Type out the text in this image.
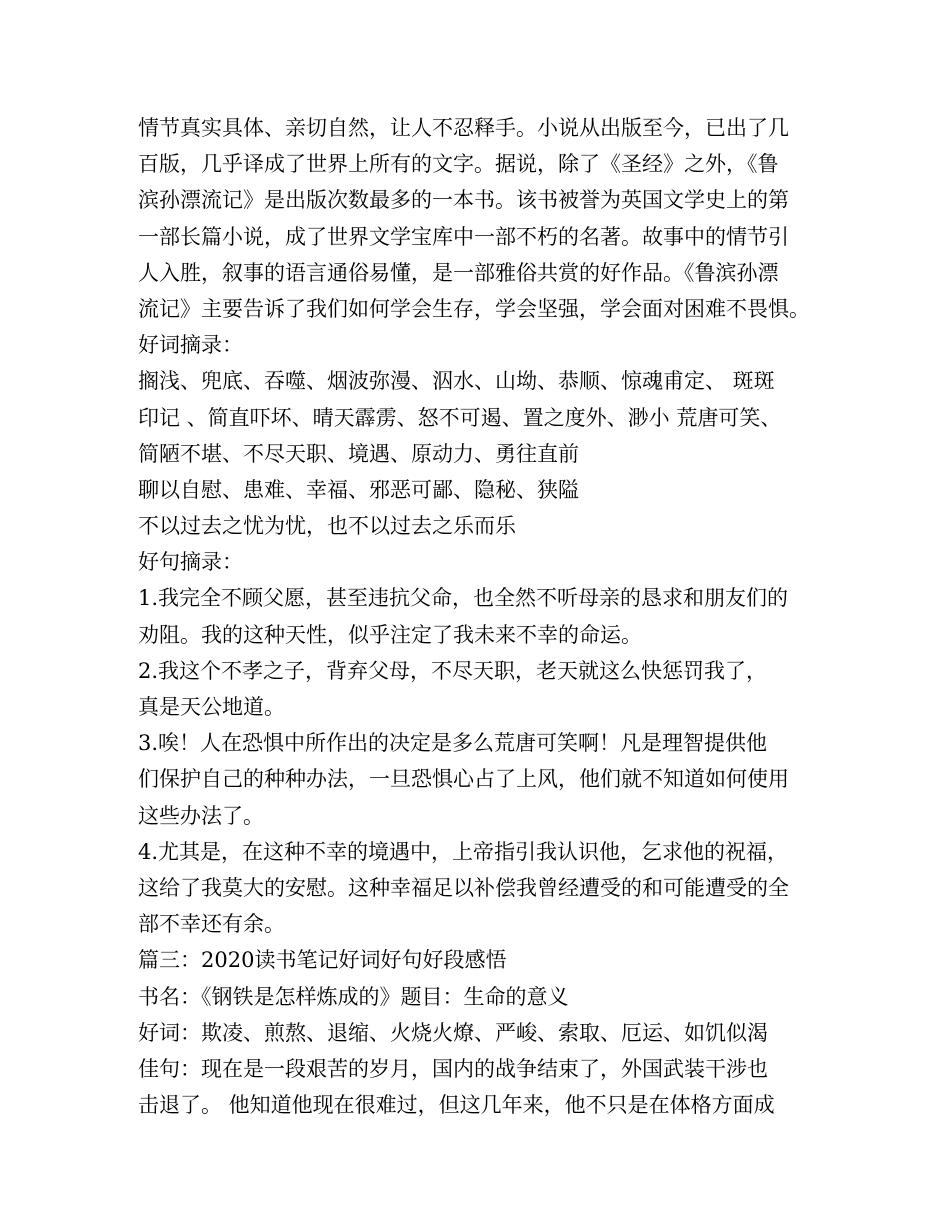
情节真实具体、亲切自然，让人不忍释手。小说从出版至今，已出了几
百版，几乎译成了世界上所有的文字。据说，除了《圣经》之外，《鲁
滨孙漂流记》是出版次数最多的一本书。该书被誉为英国文学史上的第
一部长篇小说，成了世界文学宝库中一部不朽的名著。故事中的情节引
人入胜，叙事的语言通俗易懂，是一部雅俗共赏的好作品。《鲁滨孙漂
流记》主要告诉了我们如何学会生存，学会坚强，学会面对困难不畏惧。
好词摘录：
搁浅、兜底、吞噬、烟波弥漫、泅水、山坳、恭顺、惊魂甫定、 斑斑
印记 、简直吓坏、晴天霹雳、怒不可遏、置之度外、渺小 荒唐可笑、
简陋不堪、不尽天职、境遇、原动力、勇往直前
聊以自慰、患难、幸福、邪恶可鄙、隐秘、狭隘
不以过去之忧为忧，也不以过去之乐而乐
好句摘录：
1.我完全不顾父愿，甚至违抗父命，也全然不听母亲的恳求和朋友们的
劝阻。我的这种天性，似乎注定了我未来不幸的命运。
2.我这个不孝之子，背弃父母，不尽天职，老天就这么快惩罚我了，
真是天公地道。
3.唉！人在恐惧中所作出的决定是多么荒唐可笑啊！凡是理智提供他
们保护自己的种种办法，一旦恐惧心占了上风，他们就不知道如何使用
这些办法了。
4.尤其是，在这种不幸的境遇中，上帝指引我认识他，乞求他的祝福，
这给了我莫大的安慰。这种幸福足以补偿我曾经遭受的和可能遭受的全
部不幸还有余。
篇三：2020读书笔记好词好句好段感悟
书名：《钢铁是怎样炼成的》题目：生命的意义
好词：欺凌、煎熬、退缩、火烧火燎、严峻、索取、厄运、如饥似渴
佳句：现在是一段艰苦的岁月，国内的战争结束了，外国武装干涉也
击退了。 他知道他现在很难过，但这几年来，他不只是在体格方面成
